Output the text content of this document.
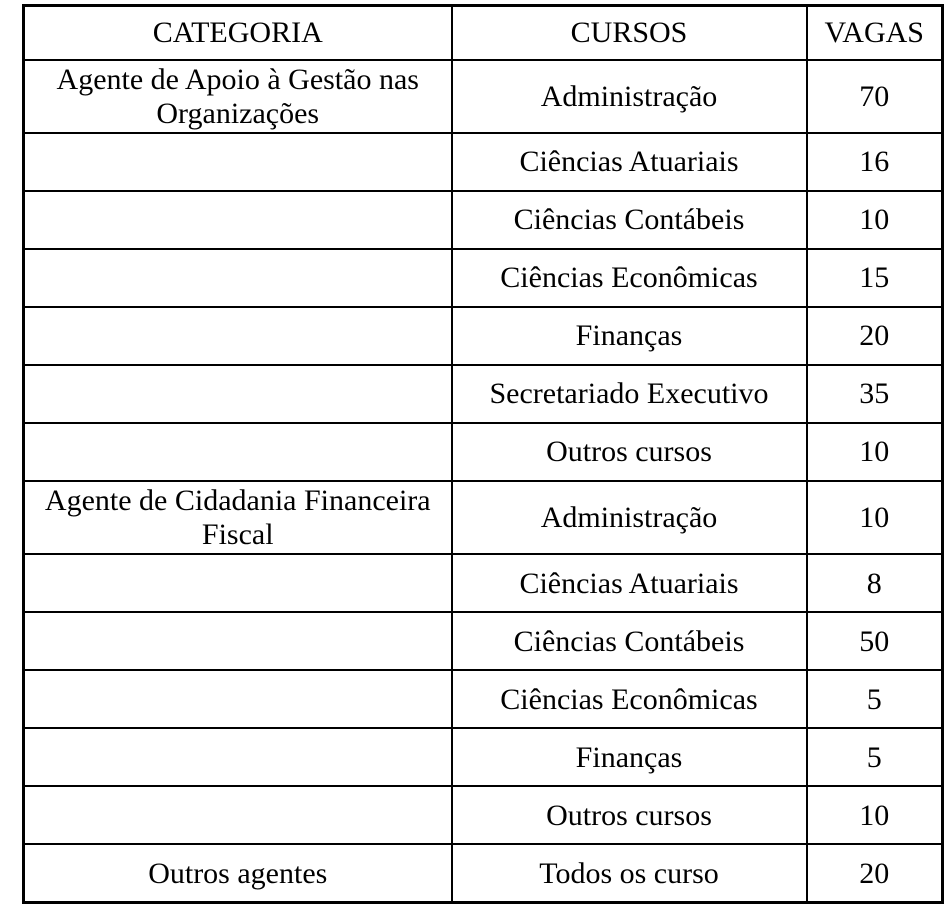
CATEGORIA	CURSOS	VAGAS
Agente de Apoio à Gestão nas Organizações	Administração	70
	Ciências Atuariais	16
	Ciências Contábeis	10
	Ciências Econômicas	15
	Finanças	20
	Secretariado Executivo	35
	Outros cursos	10
Agente de Cidadania Financeira Fiscal	Administração	10
	Ciências Atuariais	8
	Ciências Contábeis	50
	Ciências Econômicas	5
	Finanças	5
	Outros cursos	10
Outros agentes	Todos os curso	20
